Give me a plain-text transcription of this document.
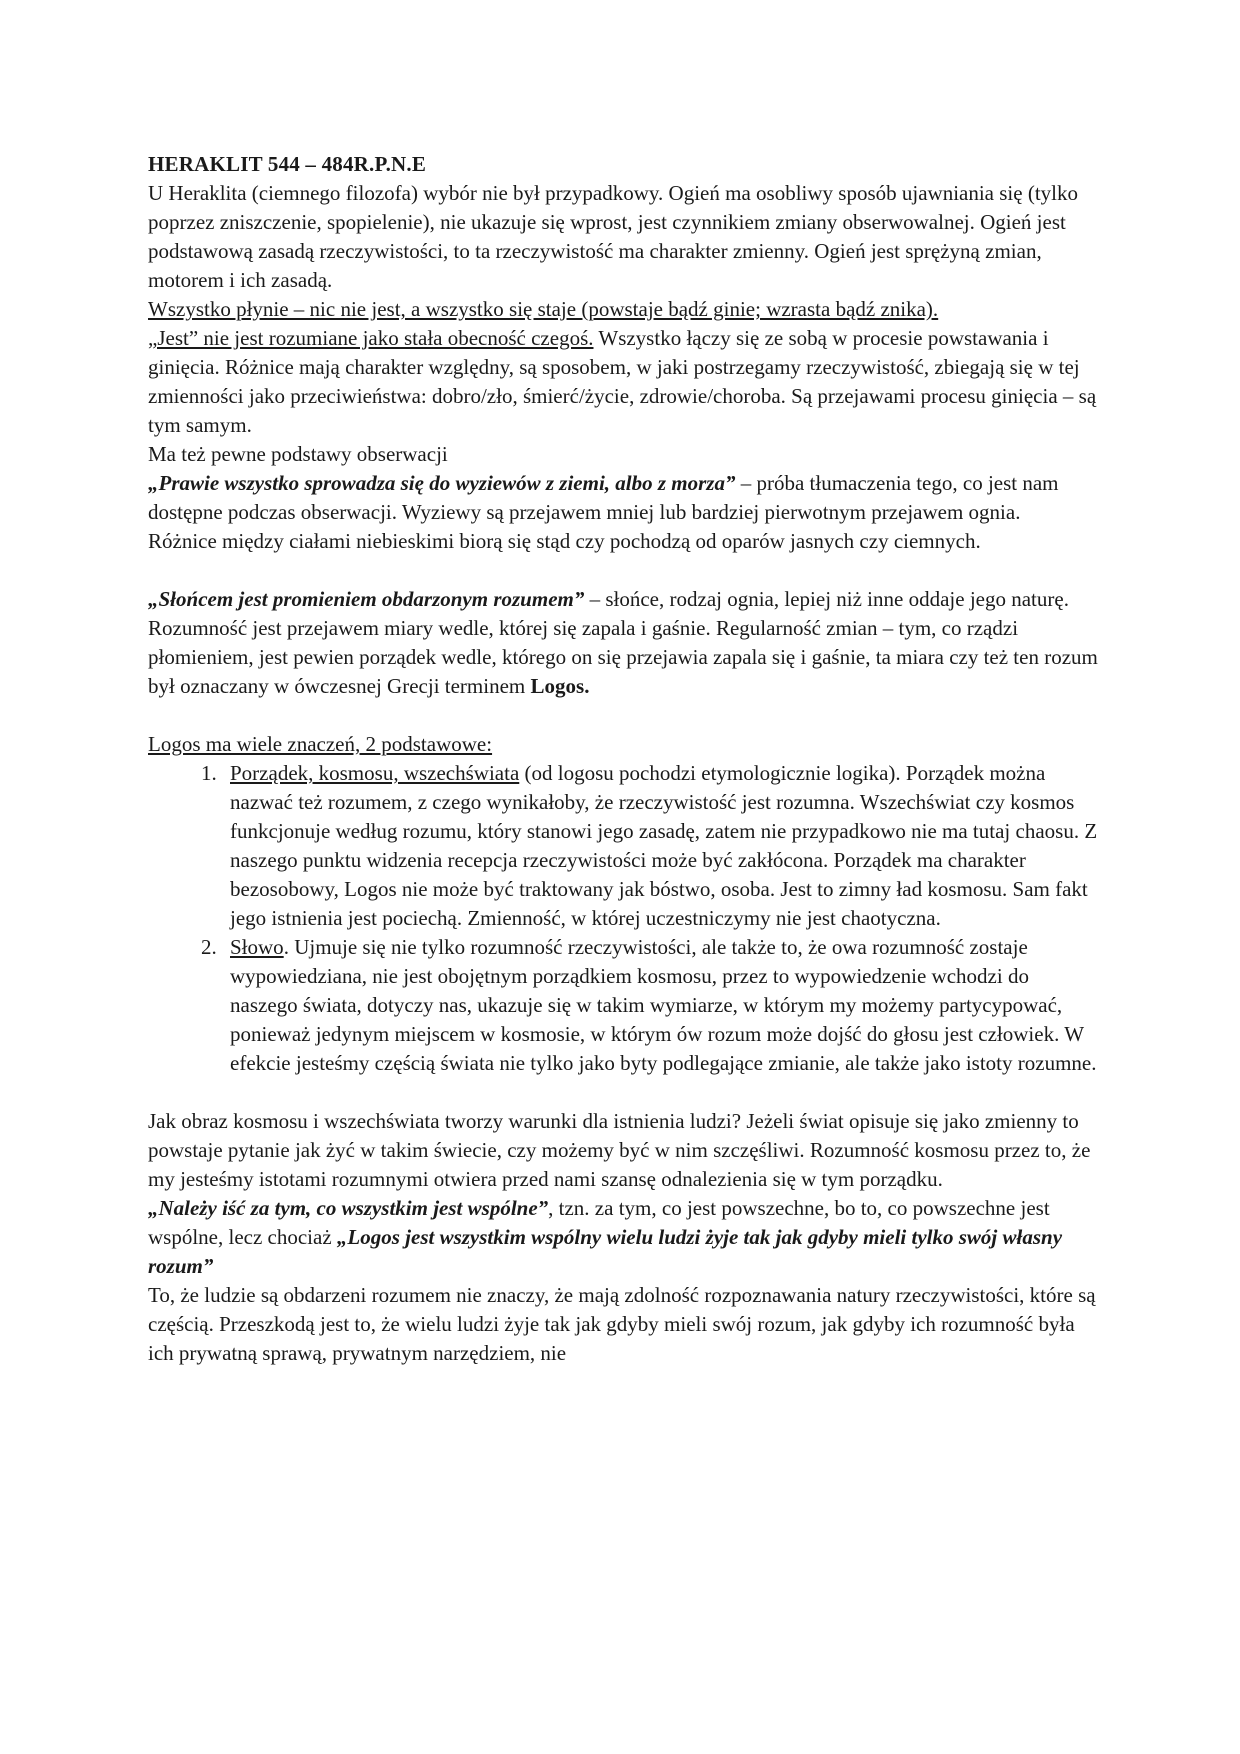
HERAKLIT 544 – 484R.P.N.E

U Heraklita (ciemnego filozofa) wybór nie był przypadkowy. Ogień ma osobliwy sposób ujawniania się (tylko poprzez zniszczenie, spopielenie), nie ukazuje się wprost, jest czynnikiem zmiany obserwowalnej. Ogień jest podstawową zasadą rzeczywistości, to ta rzeczywistość ma charakter zmienny. Ogień jest sprężyną zmian, motorem i ich zasadą.

Wszystko płynie – nic nie jest, a wszystko się staje (powstaje bądź ginie; wzrasta bądź znika).
„Jest” nie jest rozumiane jako stała obecność czegoś. Wszystko łączy się ze sobą w procesie powstawania i ginięcia. Różnice mają charakter względny, są sposobem, w jaki postrzegamy rzeczywistość, zbiegają się w tej zmienności jako przeciwieństwa: dobro/zło, śmierć/życie, zdrowie/choroba. Są przejawami procesu ginięcia – są tym samym.

Ma też pewne podstawy obserwacji

„Prawie wszystko sprowadza się do wyziewów z ziemi, albo z morza” – próba tłumaczenia tego, co jest nam dostępne podczas obserwacji. Wyziewy są przejawem mniej lub bardziej pierwotnym przejawem ognia.

Różnice między ciałami niebieskimi biorą się stąd czy pochodzą od oparów jasnych czy ciemnych.

„Słońcem jest promieniem obdarzonym rozumem” – słońce, rodzaj ognia, lepiej niż inne oddaje jego naturę.

Rozumność jest przejawem miary wedle, której się zapala i gaśnie. Regularność zmian – tym, co rządzi płomieniem, jest pewien porządek wedle, którego on się przejawia zapala się i gaśnie, ta miara czy też ten rozum był oznaczany w ówczesnej Grecji terminem Logos.

Logos ma wiele znaczeń, 2 podstawowe:

1. Porządek, kosmosu, wszechświata (od logosu pochodzi etymologicznie logika). Porządek można nazwać też rozumem, z czego wynikałoby, że rzeczywistość jest rozumna. Wszechświat czy kosmos funkcjonuje według rozumu, który stanowi jego zasadę, zatem nie przypadkowo nie ma tutaj chaosu. Z naszego punktu widzenia recepcja rzeczywistości może być zakłócona. Porządek ma charakter bezosobowy, Logos nie może być traktowany jak bóstwo, osoba. Jest to zimny ład kosmosu. Sam fakt jego istnienia jest pociechą. Zmienność, w której uczestniczymy nie jest chaotyczna.
2. Słowo. Ujmuje się nie tylko rozumność rzeczywistości, ale także to, że owa rozumność zostaje wypowiedziana, nie jest obojętnym porządkiem kosmosu, przez to wypowiedzenie wchodzi do naszego świata, dotyczy nas, ukazuje się w takim wymiarze, w którym my możemy partycypować, ponieważ jedynym miejscem w kosmosie, w którym ów rozum może dojść do głosu jest człowiek. W efekcie jesteśmy częścią świata nie tylko jako byty podlegające zmianie, ale także jako istoty rozumne.

Jak obraz kosmosu i wszechświata tworzy warunki dla istnienia ludzi? Jeżeli świat opisuje się jako zmienny to powstaje pytanie jak żyć w takim świecie, czy możemy być w nim szczęśliwi. Rozumność kosmosu przez to, że my jesteśmy istotami rozumnymi otwiera przed nami szansę odnalezienia się w tym porządku.

„Należy iść za tym, co wszystkim jest wspólne”, tzn. za tym, co jest powszechne, bo to, co powszechne jest wspólne, lecz chociaż „Logos jest wszystkim wspólny wielu ludzi żyje tak jak gdyby mieli tylko swój własny rozum”

To, że ludzie są obdarzeni rozumem nie znaczy, że mają zdolność rozpoznawania natury rzeczywistości, które są częścią. Przeszkodą jest to, że wielu ludzi żyje tak jak gdyby mieli swój rozum, jak gdyby ich rozumność była ich prywatną sprawą, prywatnym narzędziem, nie
